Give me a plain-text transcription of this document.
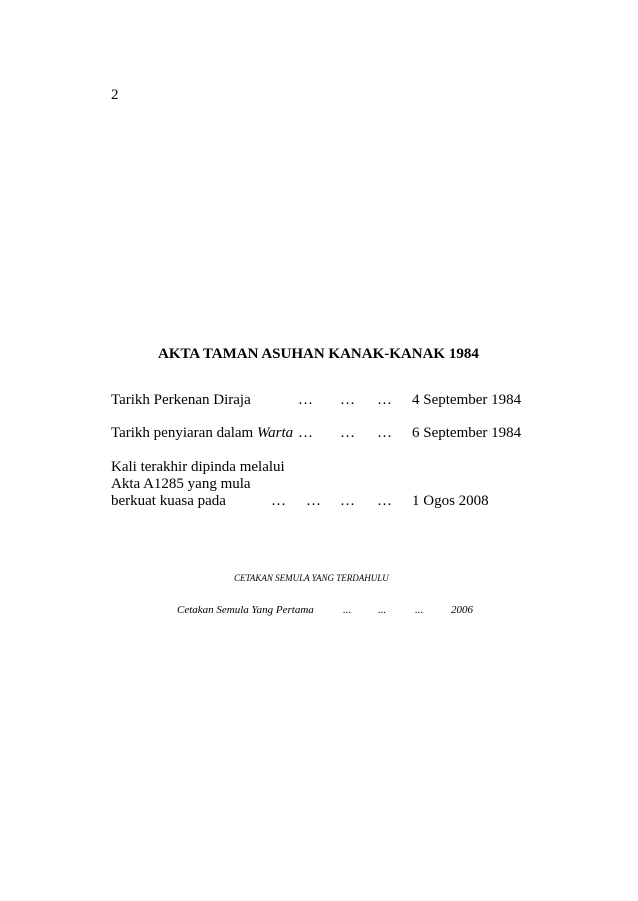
2
AKTA TAMAN ASUHAN KANAK-KANAK 1984
Tarikh Perkenan Diraja	… … … 4 September 1984
Tarikh penyiaran dalam Warta … … … 6 September 1984
Kali terakhir dipinda melalui
Akta A1285 yang mula
berkuat kuasa pada	… … … … 1 Ogos 2008
CETAKAN SEMULA YANG TERDAHULU
Cetakan Semula Yang Pertama	... ...	...	2006
